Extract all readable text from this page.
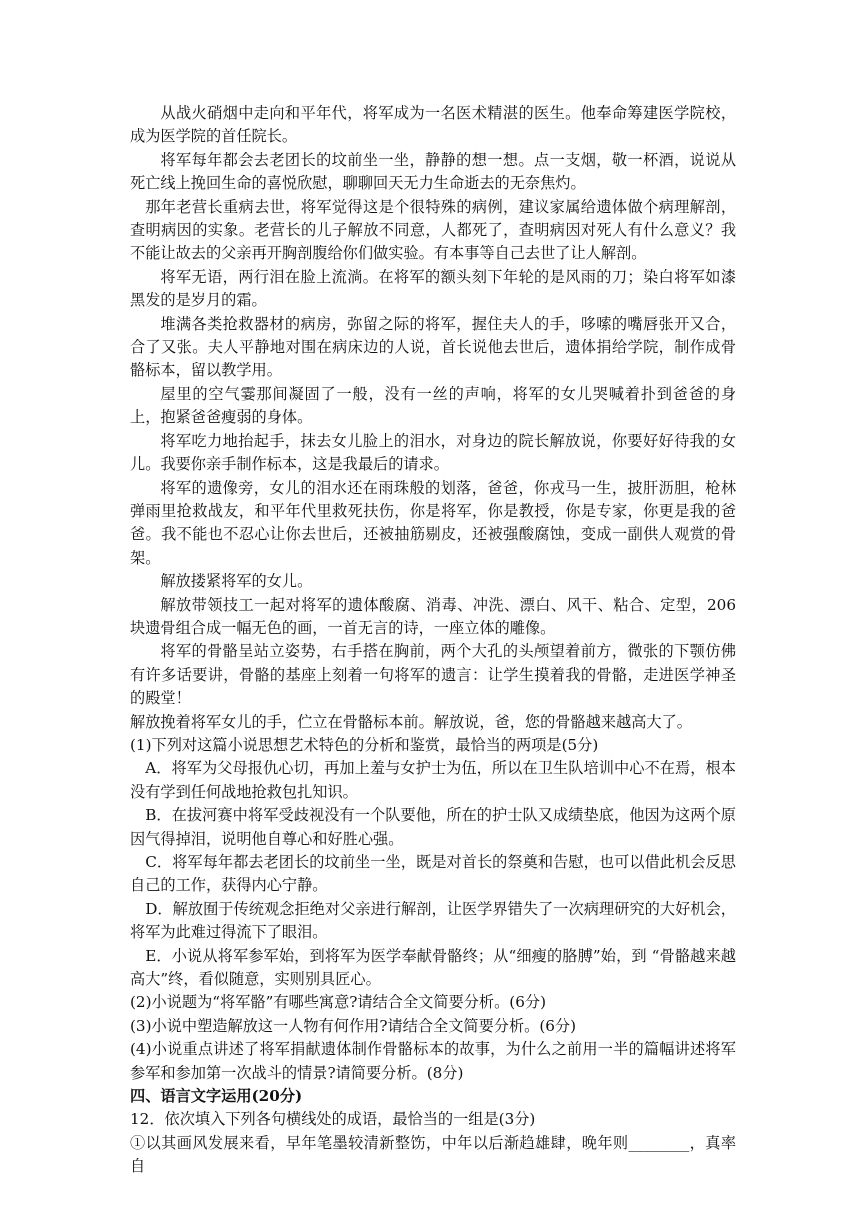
从战火硝烟中走向和平年代，将军成为一名医术精湛的医生。他奉命筹建医学院校，成为医学院的首任院长。

将军每年都会去老团长的坟前坐一坐，静静的想一想。点一支烟，敬一杯酒，说说从死亡线上挽回生命的喜悦欣慰，聊聊回天无力生命逝去的无奈焦灼。

那年老营长重病去世，将军觉得这是个很特殊的病例，建议家属给遗体做个病理解剖，查明病因的实象。老营长的儿子解放不同意，人都死了，查明病因对死人有什么意义？我不能让故去的父亲再开胸剖腹给你们做实验。有本事等自己去世了让人解剖。

将军无语，两行泪在脸上流淌。在将军的额头刻下年轮的是风雨的刀；染白将军如漆黑发的是岁月的霜。

堆满各类抢救器材的病房，弥留之际的将军，握住夫人的手，哆嗦的嘴唇张开又合，合了又张。夫人平静地对围在病床边的人说，首长说他去世后，遗体捐给学院，制作成骨骼标本，留以教学用。

屋里的空气霎那间凝固了一般，没有一丝的声响，将军的女儿哭喊着扑到爸爸的身上，抱紧爸爸瘦弱的身体。

将军吃力地抬起手，抹去女儿脸上的泪水，对身边的院长解放说，你要好好待我的女儿。我要你亲手制作标本，这是我最后的请求。

将军的遗像旁，女儿的泪水还在雨珠般的划落，爸爸，你戎马一生，披肝沥胆，枪林弹雨里抢救战友，和平年代里救死扶伤，你是将军，你是教授，你是专家，你更是我的爸爸。我不能也不忍心让你去世后，还被抽筋剔皮，还被强酸腐蚀，变成一副供人观赏的骨架。

解放搂紧将军的女儿。

解放带领技工一起对将军的遗体酸腐、消毒、冲洗、漂白、风干、粘合、定型，206块遗骨组合成一幅无色的画，一首无言的诗，一座立体的雕像。

将军的骨骼呈站立姿势，右手搭在胸前，两个大孔的头颅望着前方，微张的下颚仿佛有许多话要讲，骨骼的基座上刻着一句将军的遗言：让学生摸着我的骨骼，走进医学神圣的殿堂！

解放挽着将军女儿的手，伫立在骨骼标本前。解放说，爸，您的骨骼越来越高大了。

(1)下列对这篇小说思想艺术特色的分析和鉴赏，最恰当的两项是(5分)

A．将军为父母报仇心切，再加上羞与女护士为伍，所以在卫生队培训中心不在焉，根本没有学到任何战地抢救包扎知识。

B．在拔河赛中将军受歧视没有一个队要他，所在的护士队又成绩垫底，他因为这两个原因气得掉泪，说明他自尊心和好胜心强。

C．将军每年都去老团长的坟前坐一坐，既是对首长的祭奠和告慰，也可以借此机会反思自己的工作，获得内心宁静。

D．解放囿于传统观念拒绝对父亲进行解剖，让医学界错失了一次病理研究的大好机会，将军为此难过得流下了眼泪。

E．小说从将军参军始，到将军为医学奉献骨骼终；从“细瘦的胳膊”始，到 “骨骼越来越高大”终，看似随意，实则别具匠心。

(2)小说题为“将军骼”有哪些寓意?请结合全文简要分析。(6分)

(3)小说中塑造解放这一人物有何作用?请结合全文简要分析。(6分)

(4)小说重点讲述了将军捐献遗体制作骨骼标本的故事，为什么之前用一半的篇幅讲述将军参军和参加第一次战斗的情景?请简要分析。(8分)

四、语言文字运用(20分)

12．依次填入下列各句横线处的成语，最恰当的一组是(3分)

①以其画风发展来看，早年笔墨较清新整饬，中年以后渐趋雄肆，晚年则________，真率自
